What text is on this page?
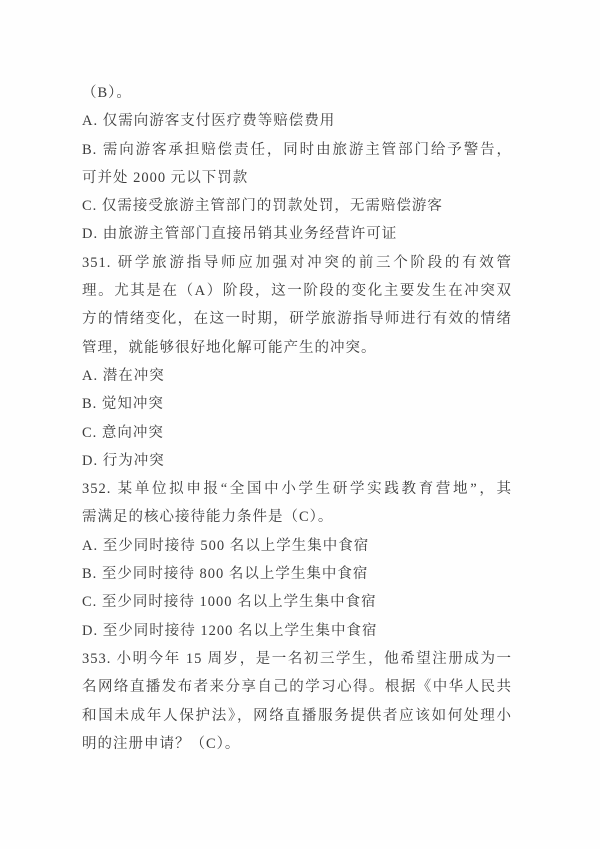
（B）。
A. 仅需向游客支付医疗费等赔偿费用
B. 需向游客承担赔偿责任，同时由旅游主管部门给予警告，
可并处 2000 元以下罚款
C. 仅需接受旅游主管部门的罚款处罚，无需赔偿游客
D. 由旅游主管部门直接吊销其业务经营许可证
351. 研学旅游指导师应加强对冲突的前三个阶段的有效管
理。尤其是在（A）阶段，这一阶段的变化主要发生在冲突双
方的情绪变化，在这一时期，研学旅游指导师进行有效的情绪
管理，就能够很好地化解可能产生的冲突。
A. 潜在冲突
B. 觉知冲突
C. 意向冲突
D. 行为冲突
352. 某单位拟申报“全国中小学生研学实践教育营地”，其
需满足的核心接待能力条件是（C）。
A. 至少同时接待 500 名以上学生集中食宿
B. 至少同时接待 800 名以上学生集中食宿
C. 至少同时接待 1000 名以上学生集中食宿
D. 至少同时接待 1200 名以上学生集中食宿
353. 小明今年 15 周岁，是一名初三学生，他希望注册成为一
名网络直播发布者来分享自己的学习心得。根据《中华人民共
和国未成年人保护法》，网络直播服务提供者应该如何处理小
明的注册申请？（C）。
